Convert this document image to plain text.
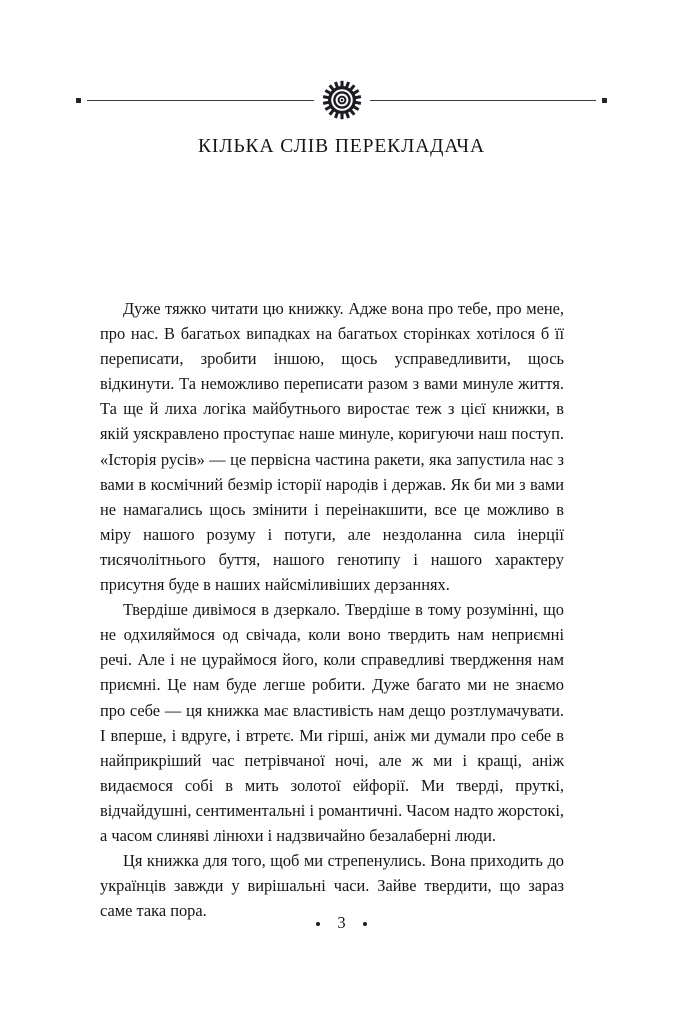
КІЛЬКА СЛІВ ПЕРЕКЛАДАЧА

Дуже тяжко читати цю книжку. Адже вона про тебе, про мене, про нас. В багатьох випадках на багатьох сторінках хотілося б її переписати, зробити іншою, щось усправедливити, щось відкинути. Та неможливо переписати разом з вами минуле життя. Та ще й лиха логіка майбутнього виростає теж з цієї книжки, в якій уяскравлено проступає наше минуле, коригуючи наш поступ. «Історія русів» — це первісна частина ракети, яка запустила нас з вами в космічний безмір історії народів і держав. Як би ми з вами не намагались щось змінити і переінакшити, все це можливо в міру нашого розуму і потуги, але нездоланна сила інерції тисячолітнього буття, нашого генотипу і нашого характеру присутня буде в наших найсміливіших дерзаннях.

Твердіше дивімося в дзеркало. Твердіше в тому розумінні, що не одхиляймося од свічада, коли воно твердить нам неприємні речі. Але і не цураймося його, коли справедливі твердження нам приємні. Це нам буде легше робити. Дуже багато ми не знаємо про себе — ця книжка має властивість нам дещо розтлумачувати. І вперше, і вдруге, і втретє. Ми гірші, аніж ми думали про себе в найприкріший час петрівчаної ночі, але ж ми і кращі, аніж видаємося собі в мить золотої ейфорії. Ми тверді, пруткі, відчайдушні, сентиментальні і романтичні. Часом надто жорстокі, а часом слиняві лінюхи і надзвичайно безалаберні люди.

Ця книжка для того, щоб ми стрепенулись. Вона приходить до українців завжди у вирішальні часи. Зайве твердити, що зараз саме така пора.

3
